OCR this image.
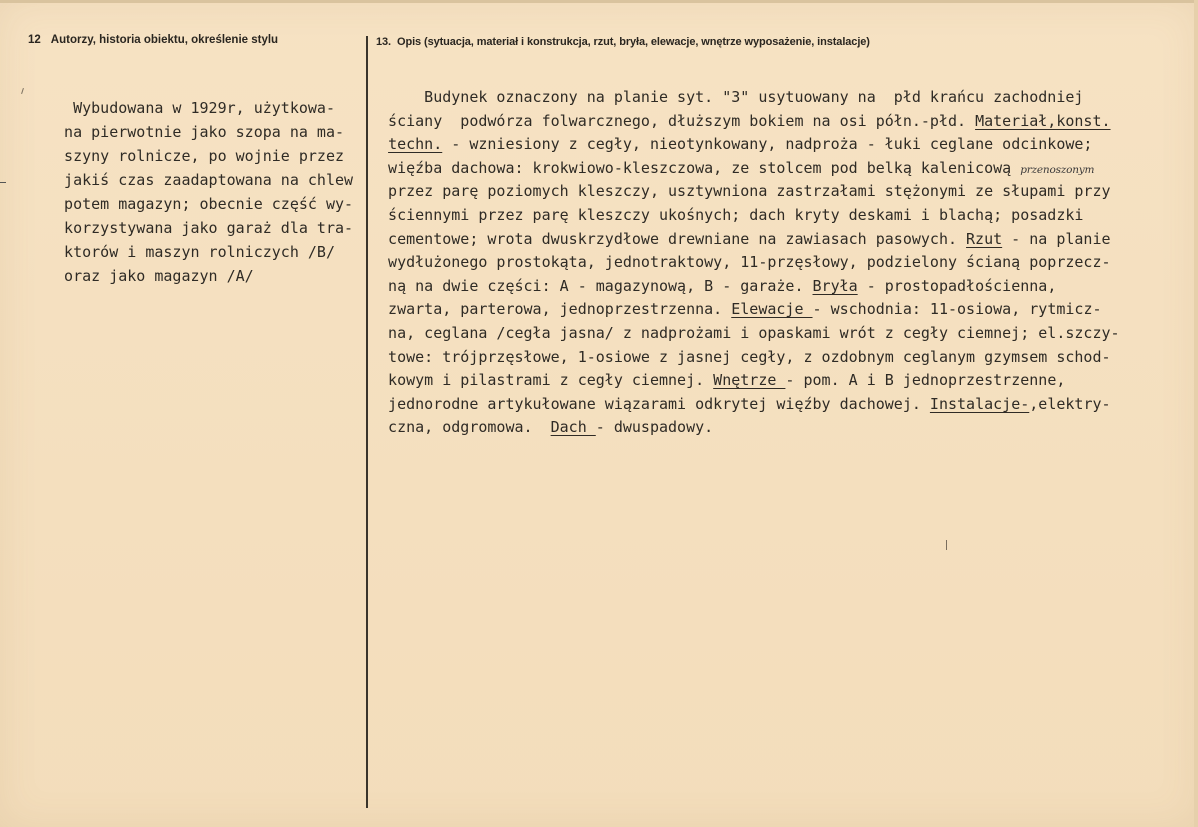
12 Autorzy, historia obiektu, określenie stylu	13. Opis (sytuacja, materiał i konstrukcja, rzut, bryła, elewacje, wnętrze wyposażenie, instalacje)
Wybudowana w 1929r, użytkowa-
na pierwotnie jako szopa na ma-
szyny rolnicze, po wojnie przez
jakiś czas zaadaptowana na chlew
potem magazyn; obecnie część wy-
korzystywana jako garaż dla tra-
ktorów i maszyn rolniczych /B/
oraz jako magazyn /A/
Budynek oznaczony na planie syt. "3" usytuowany na  płd krańcu zachodniej
ściany  podwórza folwarcznego, dłuższym bokiem na osi półn.-płd. Materiał,konst.
techn. - wzniesiony z cegły, nieotynkowany, nadproża - łuki ceglane odcinkowe;
więźba dachowa: krokwiowo-kleszczowa, ze stolcem pod belką kalenicową przenoszonym
przez parę poziomych kleszczy, usztywniona zastrzałami stężonymi ze słupami przy
ściennymi przez parę kleszczy ukośnych; dach kryty deskami i blachą; posadzki
cementowe; wrota dwuskrzydłowe drewniane na zawiasach pasowych. Rzut - na planie
wydłużonego prostokąta, jednotraktowy, 11-przęsłowy, podzielony ścianą poprzecz-
ną na dwie części: A - magazynową, B - garaże. Bryła - prostopadłościenna,
zwarta, parterowa, jednoprzestrzenna. Elewacje - wschodnia: 11-osiowa, rytmicz-
na, ceglana /cegła jasna/ z nadprożami i opaskami wrót z cegły ciemnej; el.szczy-
towe: trójprzęsłowe, 1-osiowe z jasnej cegły, z ozdobnym ceglanym gzymsem schod-
kowym i pilastrami z cegły ciemnej. Wnętrze - pom. A i B jednoprzestrzenne,
jednorodne artykułowane wiązarami odkrytej więźby dachowej. Instalacje-,elektry-
czna, odgromowa.  Dach - dwuspadowy.
